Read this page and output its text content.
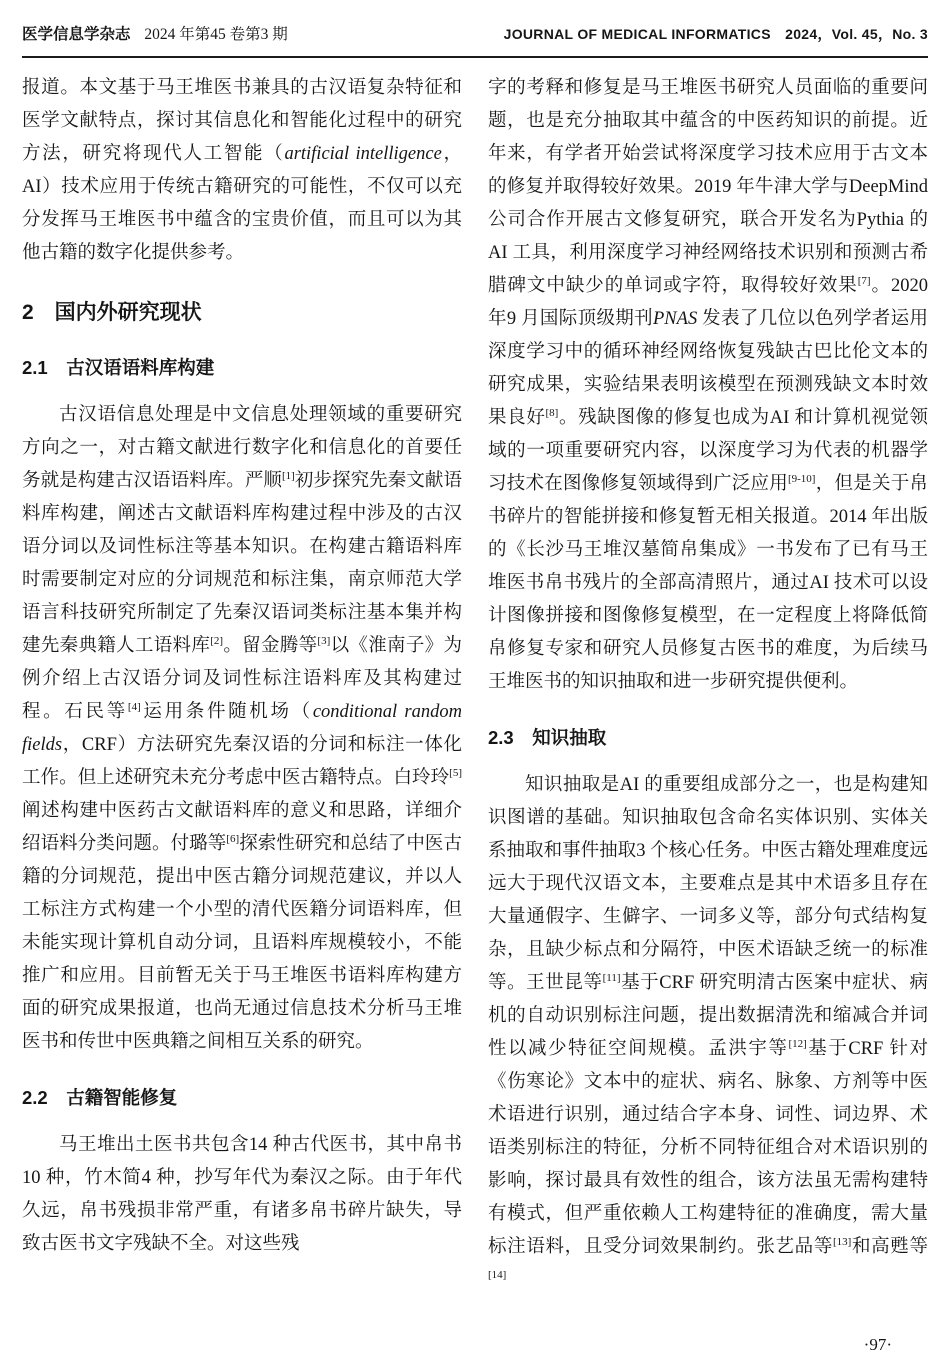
医学信息学杂志 2024 年第45 卷第3 期	JOURNAL OF MEDICAL INFORMATICS　2024，Vol. 45，No. 3

报道。本文基于马王堆医书兼具的古汉语复杂特征和医学文献特点，探讨其信息化和智能化过程中的研究方法，研究将现代人工智能（artificial intelligence，AI）技术应用于传统古籍研究的可能性，不仅可以充分发挥马王堆医书中蕴含的宝贵价值，而且可以为其他古籍的数字化提供参考。

2　国内外研究现状
2.1　古汉语语料库构建

古汉语信息处理是中文信息处理领域的重要研究方向之一，对古籍文献进行数字化和信息化的首要任务就是构建古汉语语料库。严顺[1]初步探究先秦文献语料库构建，阐述古文献语料库构建过程中涉及的古汉语分词以及词性标注等基本知识。在构建古籍语料库时需要制定对应的分词规范和标注集，南京师范大学语言科技研究所制定了先秦汉语词类标注基本集并构建先秦典籍人工语料库[2]。留金腾等[3]以《淮南子》为例介绍上古汉语分词及词性标注语料库及其构建过程。石民等[4]运用条件随机场（conditional random fields，CRF）方法研究先秦汉语的分词和标注一体化工作。但上述研究未充分考虑中医古籍特点。白玲玲[5]阐述构建中医药古文献语料库的意义和思路，详细介绍语料分类问题。付璐等[6]探索性研究和总结了中医古籍的分词规范，提出中医古籍分词规范建议，并以人工标注方式构建一个小型的清代医籍分词语料库，但未能实现计算机自动分词，且语料库规模较小，不能推广和应用。目前暂无关于马王堆医书语料库构建方面的研究成果报道，也尚无通过信息技术分析马王堆医书和传世中医典籍之间相互关系的研究。

2.2　古籍智能修复

马王堆出土医书共包含14 种古代医书，其中帛书10 种，竹木简4 种，抄写年代为秦汉之际。由于年代久远，帛书残损非常严重，有诸多帛书碎片缺失，导致古医书文字残缺不全。对这些残

字的考释和修复是马王堆医书研究人员面临的重要问题，也是充分抽取其中蕴含的中医药知识的前提。近年来，有学者开始尝试将深度学习技术应用于古文本的修复并取得较好效果。2019 年牛津大学与DeepMind 公司合作开展古文修复研究，联合开发名为Pythia 的AI 工具，利用深度学习神经网络技术识别和预测古希腊碑文中缺少的单词或字符，取得较好效果[7]。2020 年9 月国际顶级期刊PNAS 发表了几位以色列学者运用深度学习中的循环神经网络恢复残缺古巴比伦文本的研究成果，实验结果表明该模型在预测残缺文本时效果良好[8]。残缺图像的修复也成为AI 和计算机视觉领域的一项重要研究内容，以深度学习为代表的机器学习技术在图像修复领域得到广泛应用[9-10]，但是关于帛书碎片的智能拼接和修复暂无相关报道。2014 年出版的《长沙马王堆汉墓简帛集成》一书发布了已有马王堆医书帛书残片的全部高清照片，通过AI 技术可以设计图像拼接和图像修复模型，在一定程度上将降低简帛修复专家和研究人员修复古医书的难度，为后续马王堆医书的知识抽取和进一步研究提供便利。

2.3　知识抽取

知识抽取是AI 的重要组成部分之一，也是构建知识图谱的基础。知识抽取包含命名实体识别、实体关系抽取和事件抽取3 个核心任务。中医古籍处理难度远远大于现代汉语文本，主要难点是其中术语多且存在大量通假字、生僻字、一词多义等，部分句式结构复杂，且缺少标点和分隔符，中医术语缺乏统一的标准等。王世昆等[11]基于CRF 研究明清古医案中症状、病机的自动识别标注问题，提出数据清洗和缩减合并词性以减少特征空间规模。孟洪宇等[12]基于CRF 针对《伤寒论》文本中的症状、病名、脉象、方剂等中医术语进行识别，通过结合字本身、词性、词边界、术语类别标注的特征，分析不同特征组合对术语识别的影响，探讨最具有效性的组合，该方法虽无需构建特有模式，但严重依赖人工构建特征的准确度，需大量标注语料，且受分词效果制约。张艺品等[13]和高甦等[14]

·97·
